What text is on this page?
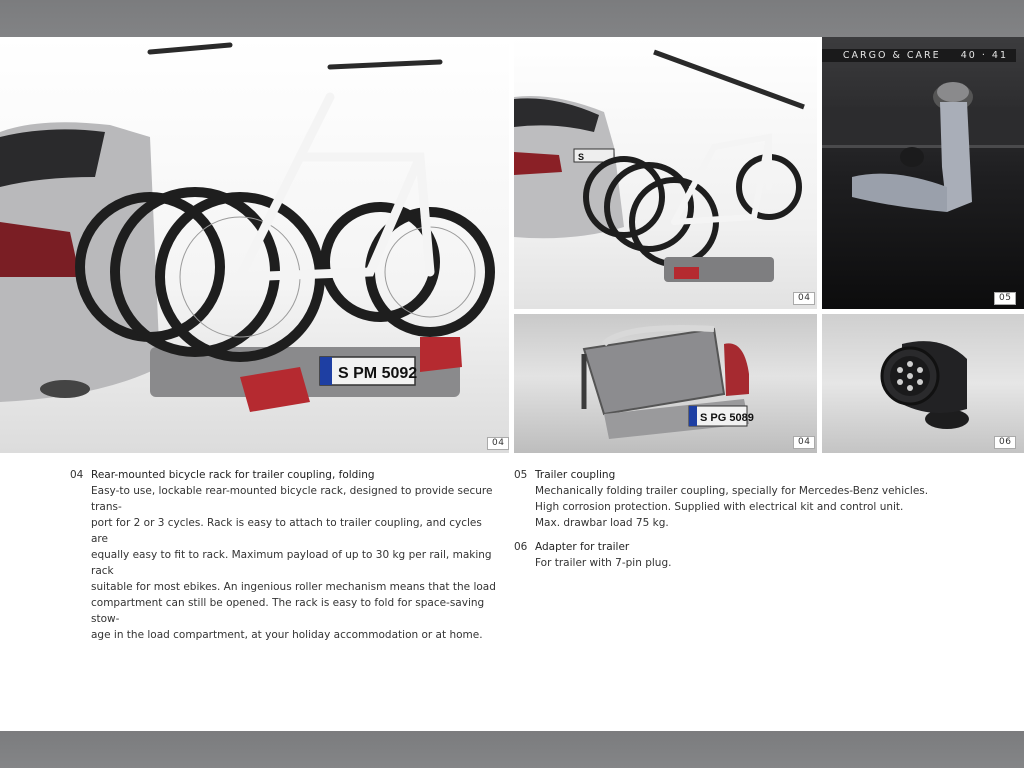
S PM 5092
04
S
04	05
CARGO & CARE 40 · 41
S PG 5089
04	06
04 Rear-mounted bicycle rack for trailer coupling, folding
Easy-to use, lockable rear-mounted bicycle rack, designed to provide secure trans-
port for 2 or 3 cycles. Rack is easy to attach to trailer coupling, and cycles are
equally easy to fit to rack. Maximum payload of up to 30 kg per rail, making rack
suitable for most ebikes. An ingenious roller mechanism means that the load
compartment can still be opened. The rack is easy to fold for space-saving stow-
age in the load compartment, at your holiday accommodation or at home.
05 Trailer coupling
Mechanically folding trailer coupling, specially for Mercedes-Benz vehicles.
High corrosion protection. Supplied with electrical kit and control unit.
Max. drawbar load 75 kg.
06 Adapter for trailer
For trailer with 7-pin plug.
